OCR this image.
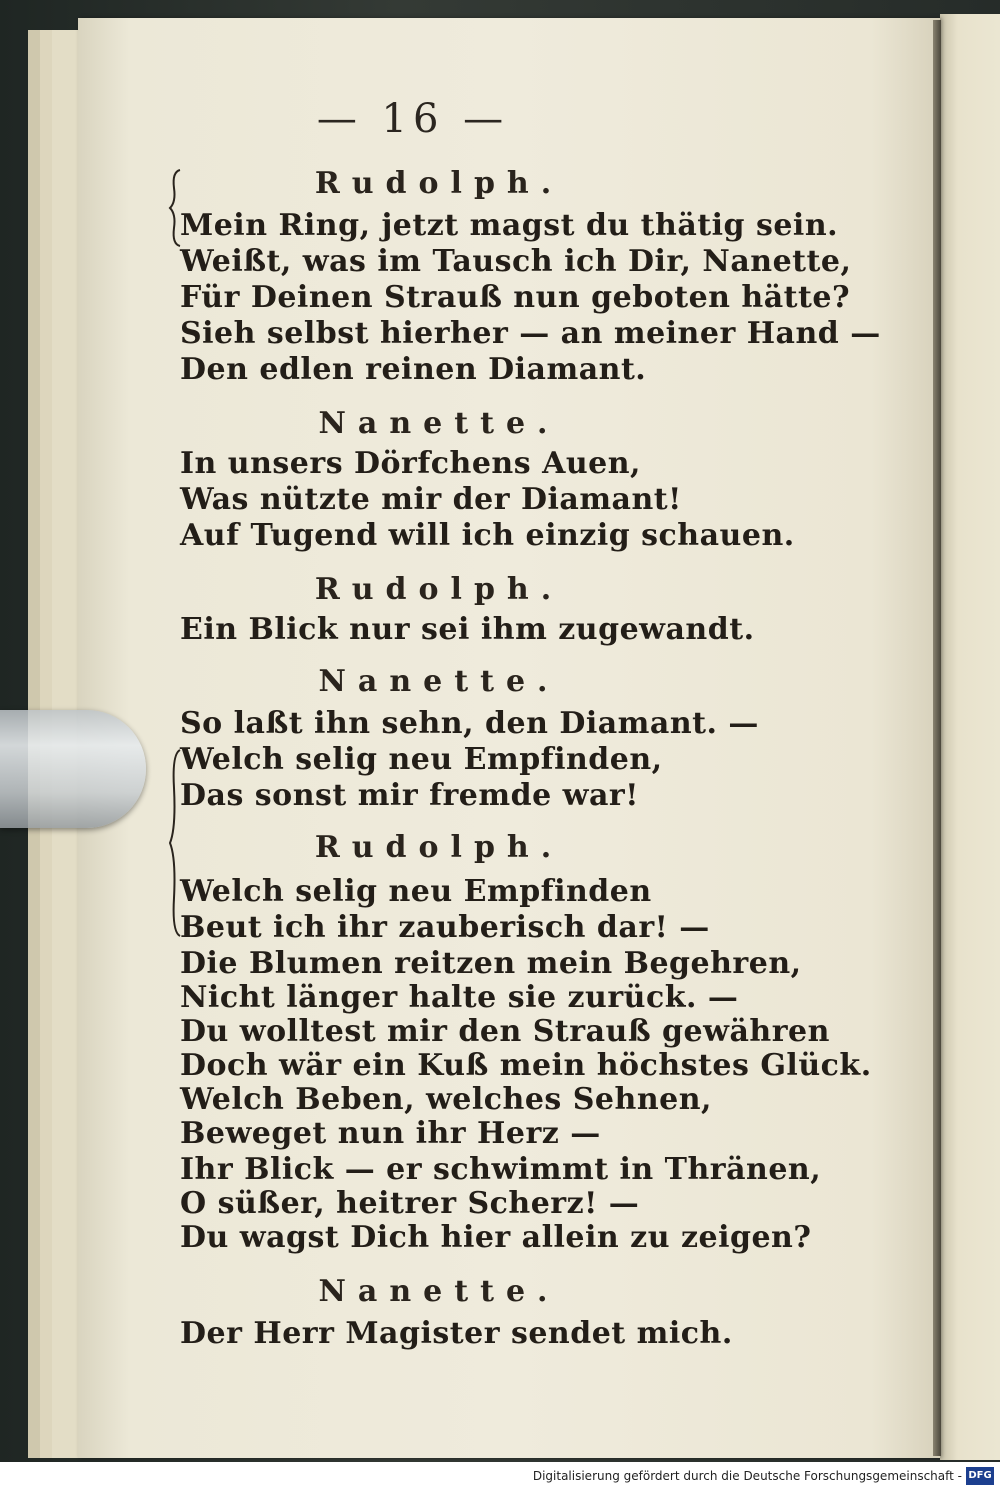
— 16 —
Rudolph.
Mein Ring, jetzt magst du thätig sein.
Weißt, was im Tausch ich Dir, Nanette,
Für Deinen Strauß nun geboten hätte?
Sieh selbst hierher — an meiner Hand —
Den edlen reinen Diamant.
Nanette.
In unsers Dörfchens Auen,
Was nützte mir der Diamant!
Auf Tugend will ich einzig schauen.
Rudolph.
Ein Blick nur sei ihm zugewandt.
Nanette.
So laßt ihn sehn, den Diamant. —
Welch selig neu Empfinden,
Das sonst mir fremde war!
Rudolph.
Welch selig neu Empfinden
Beut ich ihr zauberisch dar! —
Die Blumen reitzen mein Begehren,
Nicht länger halte sie zurück. —
Du wolltest mir den Strauß gewähren
Doch wär ein Kuß mein höchstes Glück.
Welch Beben, welches Sehnen,
Beweget nun ihr Herz —
Ihr Blick — er schwimmt in Thränen,
O süßer, heitrer Scherz! —
Du wagst Dich hier allein zu zeigen?
Nanette.
Der Herr Magister sendet mich.
Digitalisierung gefördert durch die Deutsche Forschungsgemeinschaft - DFG
